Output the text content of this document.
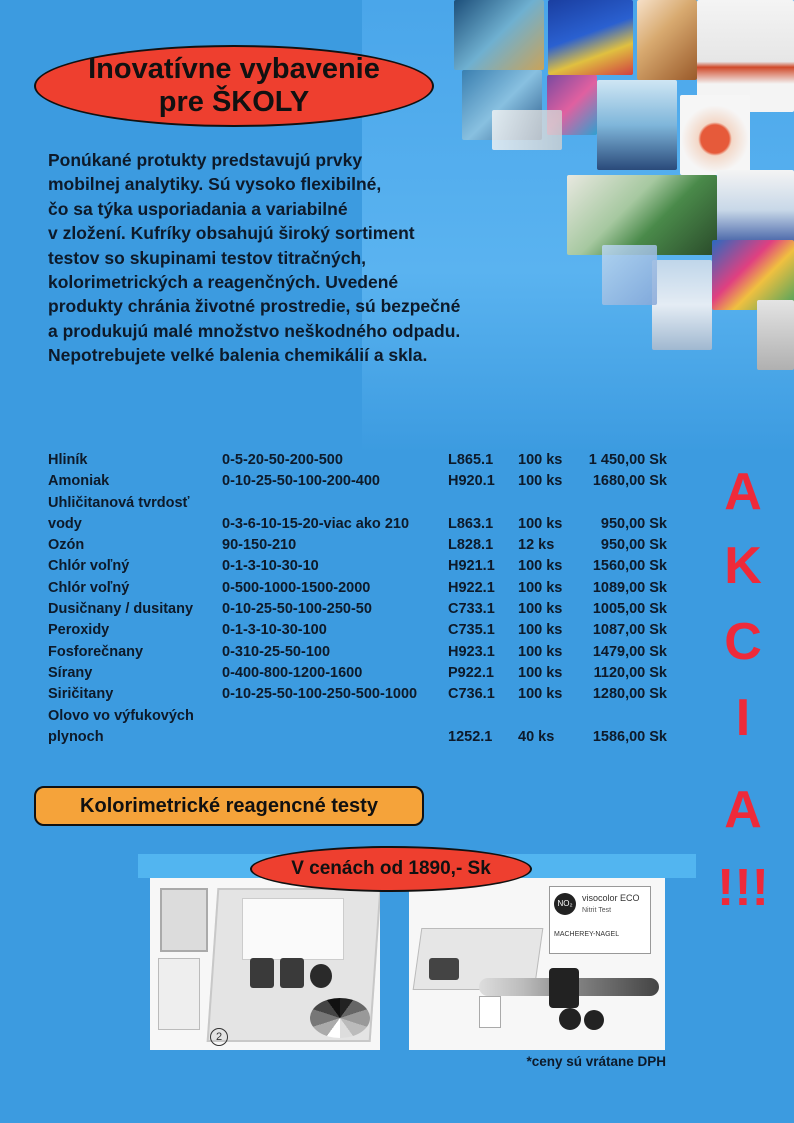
Inovatívne vybavenie
pre ŠKOLY
Ponúkané protukty predstavujú prvky
mobilnej analytiky. Sú vysoko flexibilné,
čo sa týka usporiadania a variabilné
v zložení. Kufríky obsahujú široký sortiment
testov so skupinami testov titračných,
kolorimetrických a reagenčných. Uvedené
produkty chránia životné prostredie, sú bezpečné
a produkujú malé množstvo neškodného odpadu.
Nepotrebujete velké balenia chemikálií a skla.
Hliník	0-5-20-50-200-500	L865.1 100 ks	1 450,00 Sk
Amoniak	0-10-25-50-100-200-400	H920.1 100 ks	1680,00 Sk
Uhličitanová tvrdosť
vody	0-3-6-10-15-20-viac ako 210	L863.1 100 ks	950,00 Sk
Ozón	90-150-210	L828.1 12 ks	950,00 Sk
Chlór voľný	0-1-3-10-30-10	H921.1 100 ks	1560,00 Sk
Chlór voľný	0-500-1000-1500-2000	H922.1 100 ks	1089,00 Sk
Dusičnany / dusitany 0-10-25-50-100-250-50	C733.1 100 ks	1005,00 Sk
Peroxidy	0-1-3-10-30-100	C735.1 100 ks	1087,00 Sk
Fosforečnany	0-310-25-50-100	H923.1 100 ks	1479,00 Sk
Sírany	0-400-800-1200-1600	P922.1 100 ks	1120,00 Sk
Siričitany	0-10-25-50-100-250-500-1000 C736.1 100 ks	1280,00 Sk
Olovo vo výfukových
plynoch	1252.1 40 ks	1586,00 Sk
A
K
C
I
A
!!!
Kolorimetrické reagencné testy
2
NO₂
visocolor ECO
Nitrit Test
MACHEREY-NAGEL
V cenách od 1890,- Sk
*ceny sú vrátane DPH
